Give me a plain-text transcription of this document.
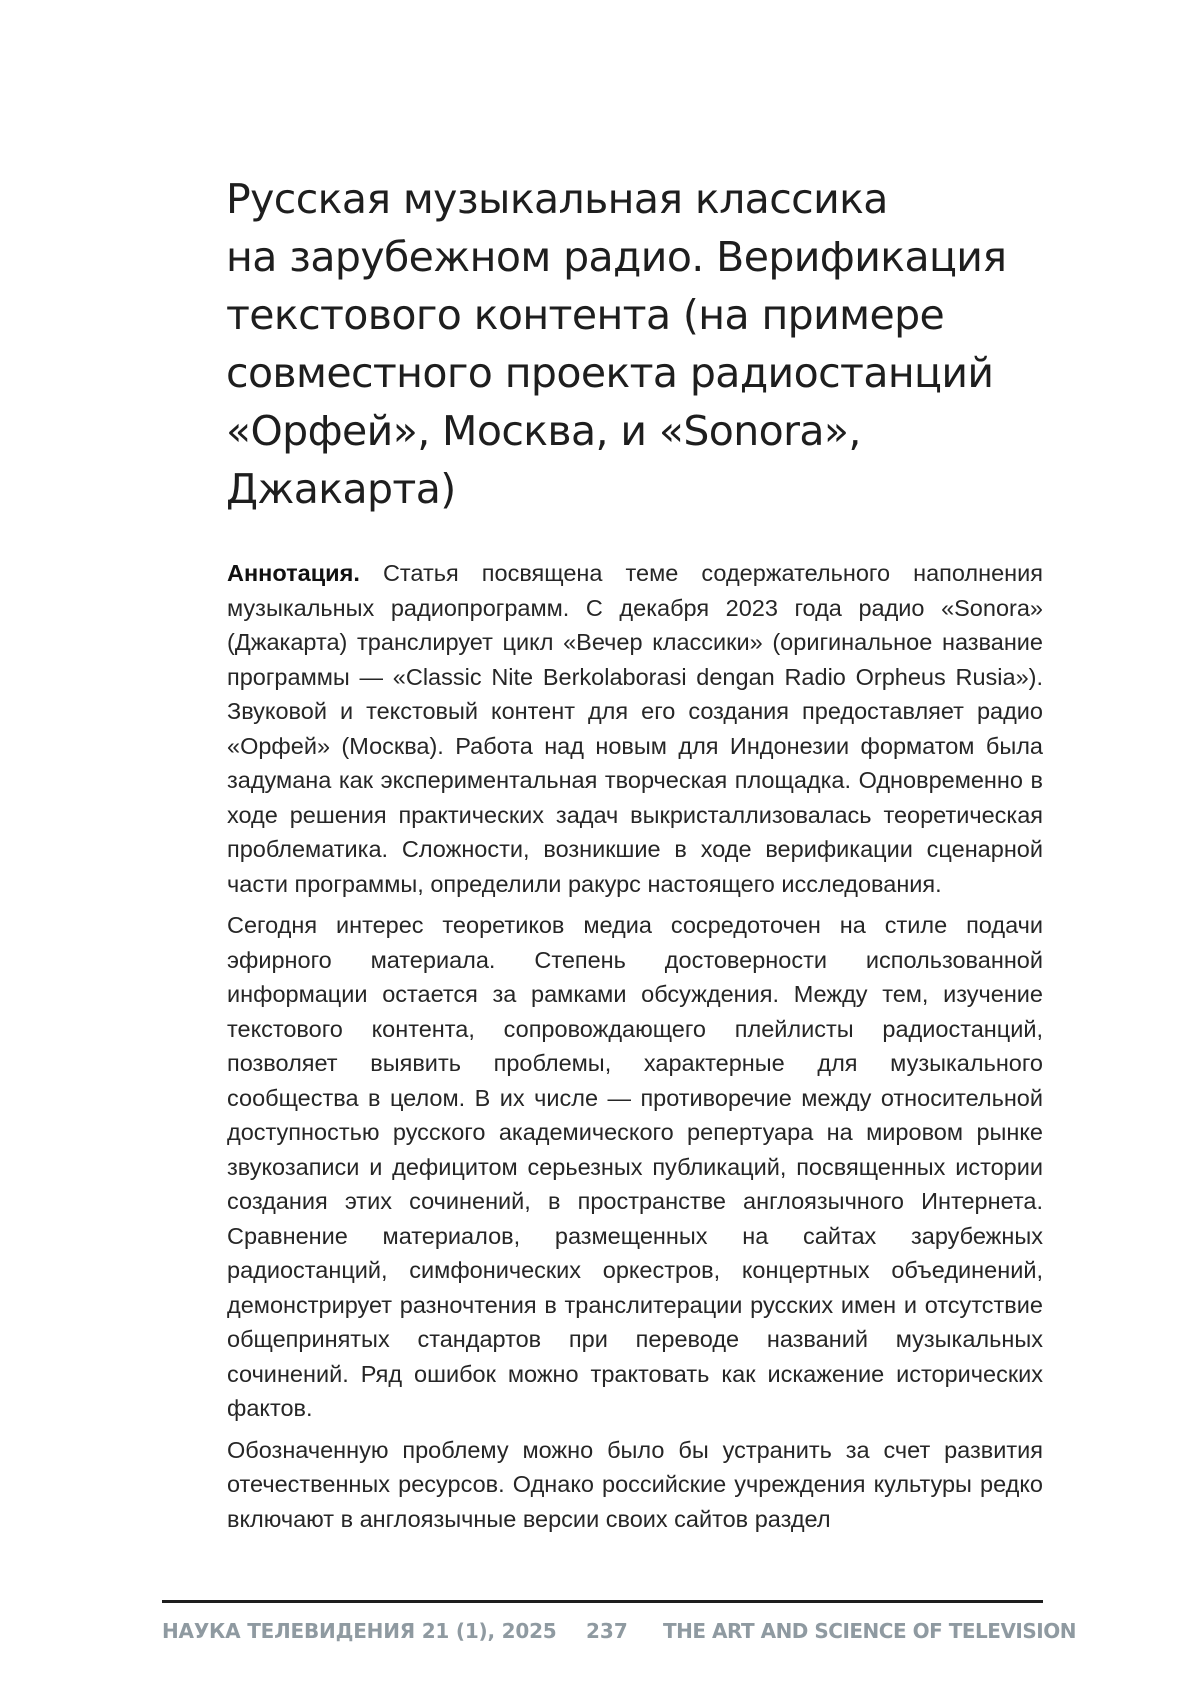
Русская музыкальная классика
на зарубежном радио. Верификация
текстового контента (на примере
совместного проекта радиостанций
«Орфей», Москва, и «Sonora»,
Джакарта)

Аннотация. Статья посвящена теме содержательного наполнения музыкальных радиопрограмм. С декабря 2023 года радио «Sonora» (Джакарта) транслирует цикл «Вечер классики» (оригинальное название программы — «Classic Nite Berkolaborasi dengan Radio Orpheus Rusia»). Звуковой и текстовый контент для его создания предоставляет радио «Орфей» (Москва). Работа над новым для Индонезии форматом была задумана как экспериментальная творческая площадка. Одновременно в ходе решения практических задач выкристаллизовалась теоретическая проблематика. Сложности, возникшие в ходе верификации сценарной части программы, определили ракурс настоящего исследования.

Сегодня интерес теоретиков медиа сосредоточен на стиле подачи эфирного материала. Степень достоверности использованной информации остается за рамками обсуждения. Между тем, изучение текстового контента, сопровождающего плейлисты радиостанций, позволяет выявить проблемы, характерные для музыкального сообщества в целом. В их числе — противоречие между относительной доступностью русского академического репертуара на мировом рынке звукозаписи и дефицитом серьезных публикаций, посвященных истории создания этих сочинений, в пространстве англоязычного Интернета. Сравнение материалов, размещенных на сайтах зарубежных радиостанций, симфонических оркестров, концертных объединений, демонстрирует разночтения в транслитерации русских имен и отсутствие общепринятых стандартов при переводе названий музыкальных сочинений. Ряд ошибок можно трактовать как искажение исторических фактов.

Обозначенную проблему можно было бы устранить за счет развития отечественных ресурсов. Однако российские учреждения культуры редко включают в англоязычные версии своих сайтов раздел

НАУКА ТЕЛЕВИДЕНИЯ 21 (1), 2025 237 THE ART AND SCIENCE OF TELEVISION
